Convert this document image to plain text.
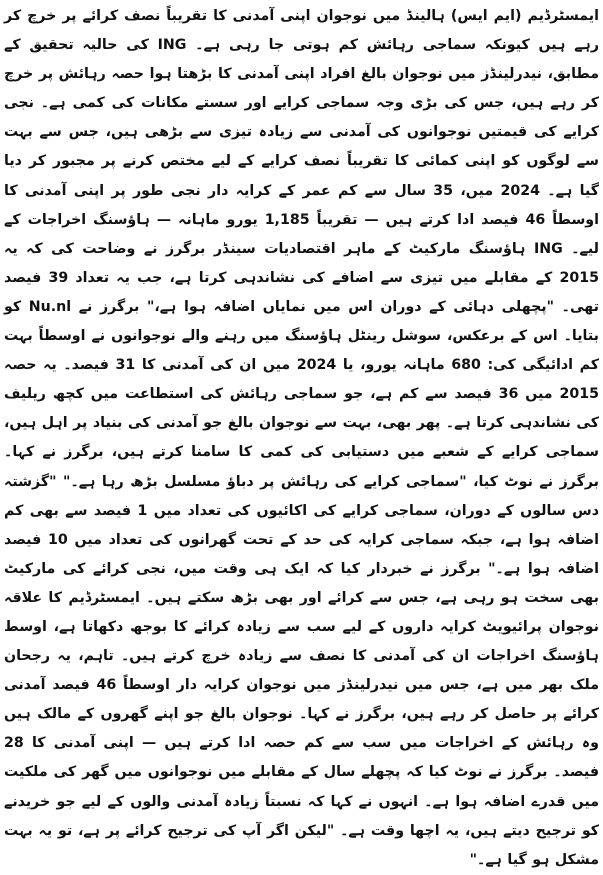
ایمسٹرڈیم (ایم ایس) ہالینڈ میں نوجوان اپنی آمدنی کا تقریباً نصف کرائے پر خرچ کر رہے ہیں کیونکہ سماجی رہائش کم ہوتی جا رہی ہے۔ ING کی حالیہ تحقیق کے مطابق، نیدرلینڈز میں نوجوان بالغ افراد اپنی آمدنی کا بڑھتا ہوا حصہ رہائش پر خرچ کر رہے ہیں، جس کی بڑی وجہ سماجی کرایے اور سستے مکانات کی کمی ہے۔ نجی کرایے کی قیمتیں نوجوانوں کی آمدنی سے زیادہ تیزی سے بڑھی ہیں، جس سے بہت سے لوگوں کو اپنی کمائی کا تقریباً نصف کرایے کے لیے مختص کرنے پر مجبور کر دیا گیا ہے۔ 2024 میں، 35 سال سے کم عمر کے کرایہ دار نجی طور پر اپنی آمدنی کا اوسطاً 46 فیصد ادا کرتے ہیں — تقریباً 1,185 یورو ماہانہ — ہاؤسنگ اخراجات کے لیے۔ ING ہاؤسنگ مارکیٹ کے ماہر اقتصادیات سینڈر برگرز نے وضاحت کی کہ یہ 2015 کے مقابلے میں تیزی سے اضافے کی نشاندہی کرتا ہے، جب یہ تعداد 39 فیصد تھی۔ "پچھلی دہائی کے دوران اس میں نمایاں اضافہ ہوا ہے،" برگرز نے Nu.nl کو بتایا۔ اس کے برعکس، سوشل رینٹل ہاؤسنگ میں رہنے والے نوجوانوں نے اوسطاً بہت کم ادائیگی کی: 680 ماہانہ یورو، یا 2024 میں ان کی آمدنی کا 31 فیصد۔ یہ حصہ 2015 میں 36 فیصد سے کم ہے، جو سماجی رہائش کی استطاعت میں کچھ ریلیف کی نشاندہی کرتا ہے۔ پھر بھی، بہت سے نوجوان بالغ جو آمدنی کی بنیاد پر اہل ہیں، سماجی کرایے کے شعبے میں دستیابی کی کمی کا سامنا کرتے ہیں، برگرز نے کہا۔ برگرز نے نوٹ کیا، "سماجی کرایے کی رہائش پر دباؤ مسلسل بڑھ رہا ہے۔" "گزشتہ دس سالوں کے دوران، سماجی کرایے کی اکائیوں کی تعداد میں 1 فیصد سے بھی کم اضافہ ہوا ہے، جبکہ سماجی کرایہ کی حد کے تحت گھرانوں کی تعداد میں 10 فیصد اضافہ ہوا ہے۔" برگرز نے خبردار کیا کہ ایک ہی وقت میں، نجی کرائے کی مارکیٹ بھی سخت ہو رہی ہے، جس سے کرائے اور بھی بڑھ سکتے ہیں۔ ایمسٹرڈیم کا علاقہ نوجوان پرائیویٹ کرایہ داروں کے لیے سب سے زیادہ کرائے کا بوجھ دکھاتا ہے، اوسط ہاؤسنگ اخراجات ان کی آمدنی کا نصف سے زیادہ خرچ کرتے ہیں۔ تاہم، یہ رجحان ملک بھر میں ہے، جس میں نیدرلینڈز میں نوجوان کرایہ دار اوسطاً 46 فیصد آمدنی کرائے پر حاصل کر رہے ہیں، برگرز نے کہا۔ نوجوان بالغ جو اپنے گھروں کے مالک ہیں وہ رہائش کے اخراجات میں سب سے کم حصہ ادا کرتے ہیں — اپنی آمدنی کا 28 فیصد۔ برگرز نے نوٹ کیا کہ پچھلے سال کے مقابلے میں نوجوانوں میں گھر کی ملکیت میں قدرے اضافہ ہوا ہے۔ انہوں نے کہا کہ نسبتاً زیادہ آمدنی والوں کے لیے جو خریدنے کو ترجیح دیتے ہیں، یہ اچھا وقت ہے۔ "لیکن اگر آپ کی ترجیح کرائے پر ہے، تو یہ بہت مشکل ہو گیا ہے۔"
